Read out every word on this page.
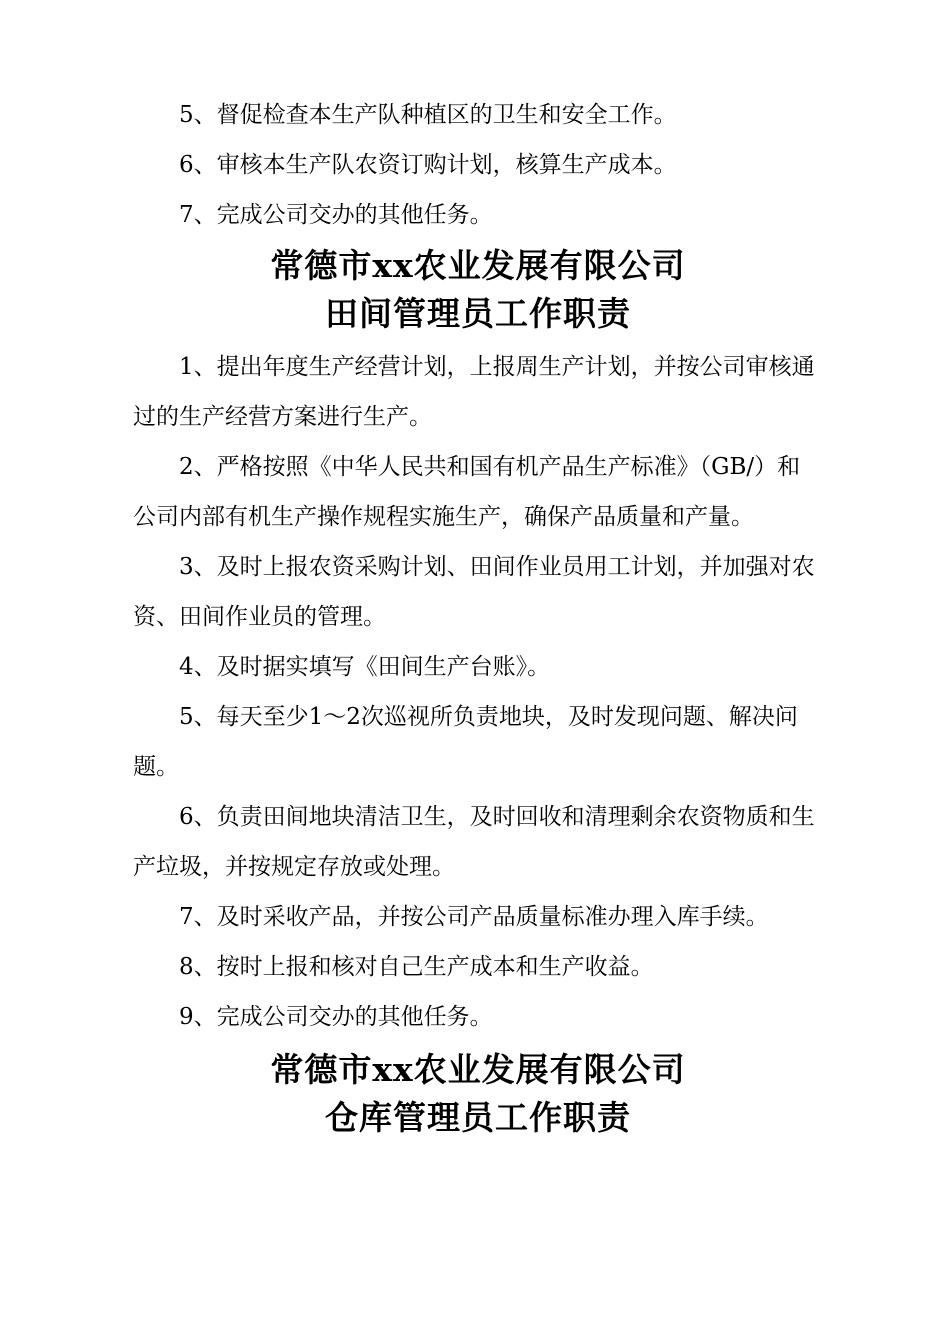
5、督促检查本生产队种植区的卫生和安全工作。

6、审核本生产队农资订购计划，核算生产成本。

7、完成公司交办的其他任务。

常德市xx农业发展有限公司

田间管理员工作职责

1、提出年度生产经营计划，上报周生产计划，并按公司审核通过的生产经营方案进行生产。

2、严格按照《中华人民共和国有机产品生产标准》（GB/）和公司内部有机生产操作规程实施生产，确保产品质量和产量。

3、及时上报农资采购计划、田间作业员用工计划，并加强对农资、田间作业员的管理。

4、及时据实填写《田间生产台账》。

5、每天至少1～2次巡视所负责地块，及时发现问题、解决问题。

6、负责田间地块清洁卫生，及时回收和清理剩余农资物质和生产垃圾，并按规定存放或处理。

7、及时采收产品，并按公司产品质量标准办理入库手续。

8、按时上报和核对自己生产成本和生产收益。

9、完成公司交办的其他任务。

常德市xx农业发展有限公司

仓库管理员工作职责
